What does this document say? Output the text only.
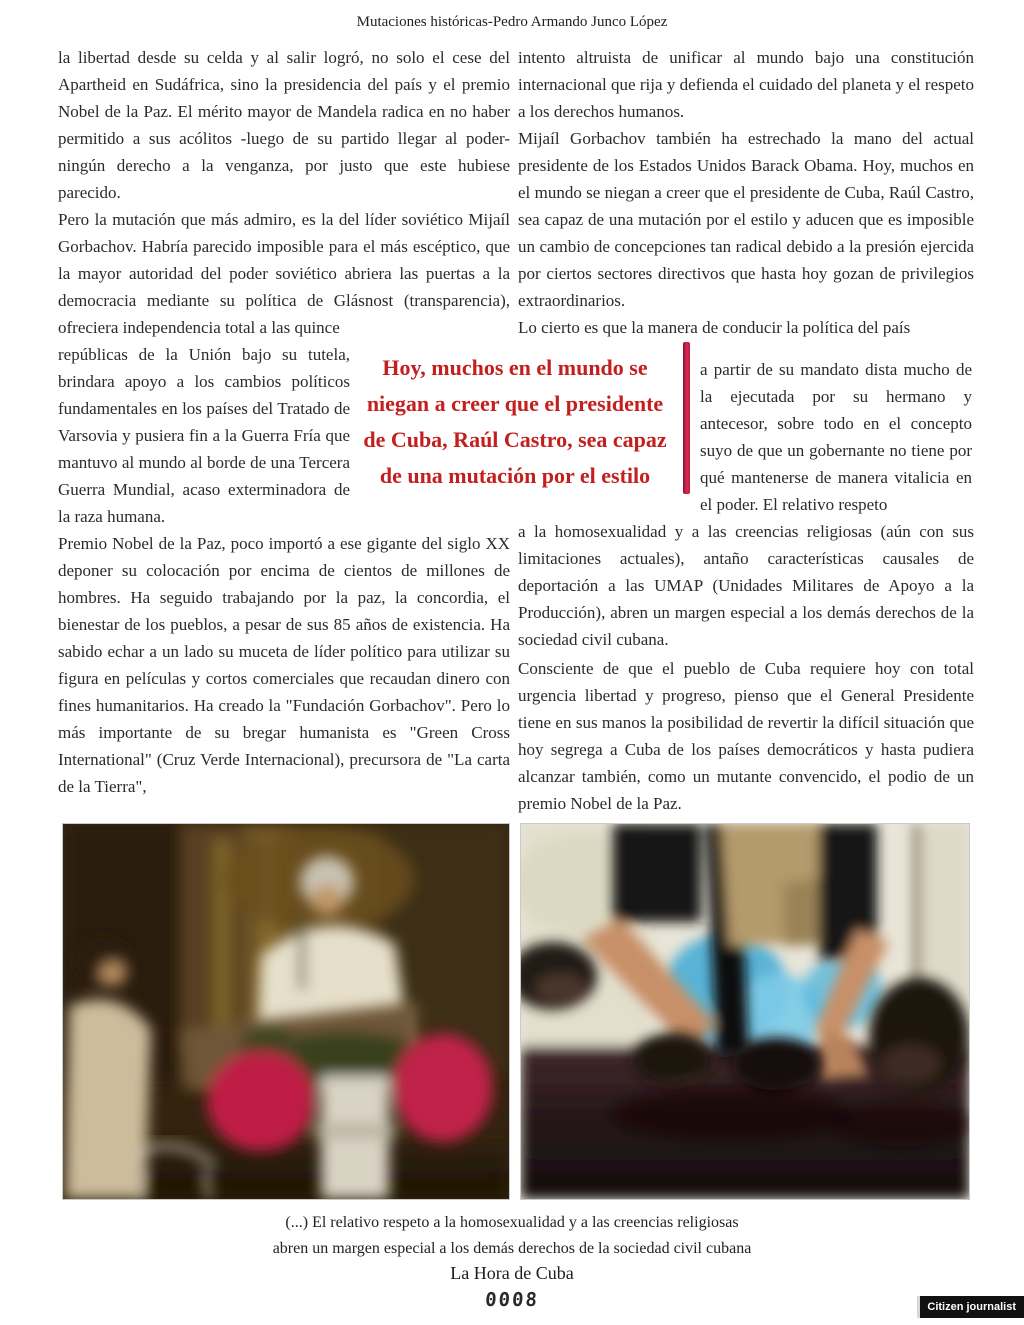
Mutaciones históricas-Pedro Armando Junco López

la libertad desde su celda y al salir logró, no solo el cese del Apartheid en Sudáfrica, sino la presidencia del país y el premio Nobel de la Paz. El mérito mayor de Mandela radica en no haber permitido a sus acólitos -luego de su partido llegar al poder- ningún derecho a la venganza, por justo que este hubiese parecido.

Pero la mutación que más admiro, es la del líder soviético Mijaíl Gorbachov. Habría parecido imposible para el más escéptico, que la mayor autoridad del poder soviético abriera las puertas a la democracia mediante su política de Glásnost (transparencia), ofreciera independencia total a las quince

repúblicas de la Unión bajo su tutela, brindara apoyo a los cambios políticos fundamentales en los países del Tratado de Varsovia y pusiera fin a la Guerra Fría que mantuvo al mundo al borde de una Tercera Guerra Mundial, acaso exterminadora de la raza humana.

Premio Nobel de la Paz, poco importó a ese gigante del siglo XX deponer su colocación por encima de cientos de millones de hombres. Ha seguido trabajando por la paz, la concordia, el bienestar de los pueblos, a pesar de sus 85 años de existencia. Ha sabido echar a un lado su muceta de líder político para utilizar su figura en películas y cortos comerciales que recaudan dinero con fines humanitarios. Ha creado la "Fundación Gorbachov". Pero lo más importante de su bregar humanista es "Green Cross International" (Cruz Verde Internacional), precursora de "La carta de la Tierra",

intento altruista de unificar al mundo bajo una constitución internacional que rija y defienda el cuidado del planeta y el respeto a los derechos humanos.

Mijaíl Gorbachov también ha estrechado la mano del actual presidente de los Estados Unidos Barack Obama. Hoy, muchos en el mundo se niegan a creer que el presidente de Cuba, Raúl Castro, sea capaz de una mutación por el estilo y aducen que es imposible un cambio de concepciones tan radical debido a la presión ejercida por ciertos sectores directivos que hasta hoy gozan de privilegios extraordinarios.

Lo cierto es que la manera de conducir la política del país

a partir de su mandato dista mucho de la ejecutada por su hermano y antecesor, sobre todo en el concepto suyo de que un gobernante no tiene por qué mantenerse de manera vitalicia en el poder. El relativo respeto

a la homosexualidad y a las creencias religiosas (aún con sus limitaciones actuales), antaño características causales de deportación a las UMAP (Unidades Militares de Apoyo a la Producción), abren un margen especial a los demás derechos de la sociedad civil cubana.

Consciente de que el pueblo de Cuba requiere hoy con total urgencia libertad y progreso, pienso que el General Presidente tiene en sus manos la posibilidad de revertir la difícil situación que hoy segrega a Cuba de los países democráticos y hasta pudiera alcanzar también, como un mutante convencido, el podio de un premio Nobel de la Paz.

Hoy, muchos en el mundo se
niegan a creer que el presidente
de Cuba, Raúl Castro, sea capaz
de una mutación por el estilo
(...) El relativo respeto a la homosexualidad y a las creencias religiosas
abren un margen especial a los demás derechos de la sociedad civil cubana
La Hora de Cuba
0008	Citizen journalist
